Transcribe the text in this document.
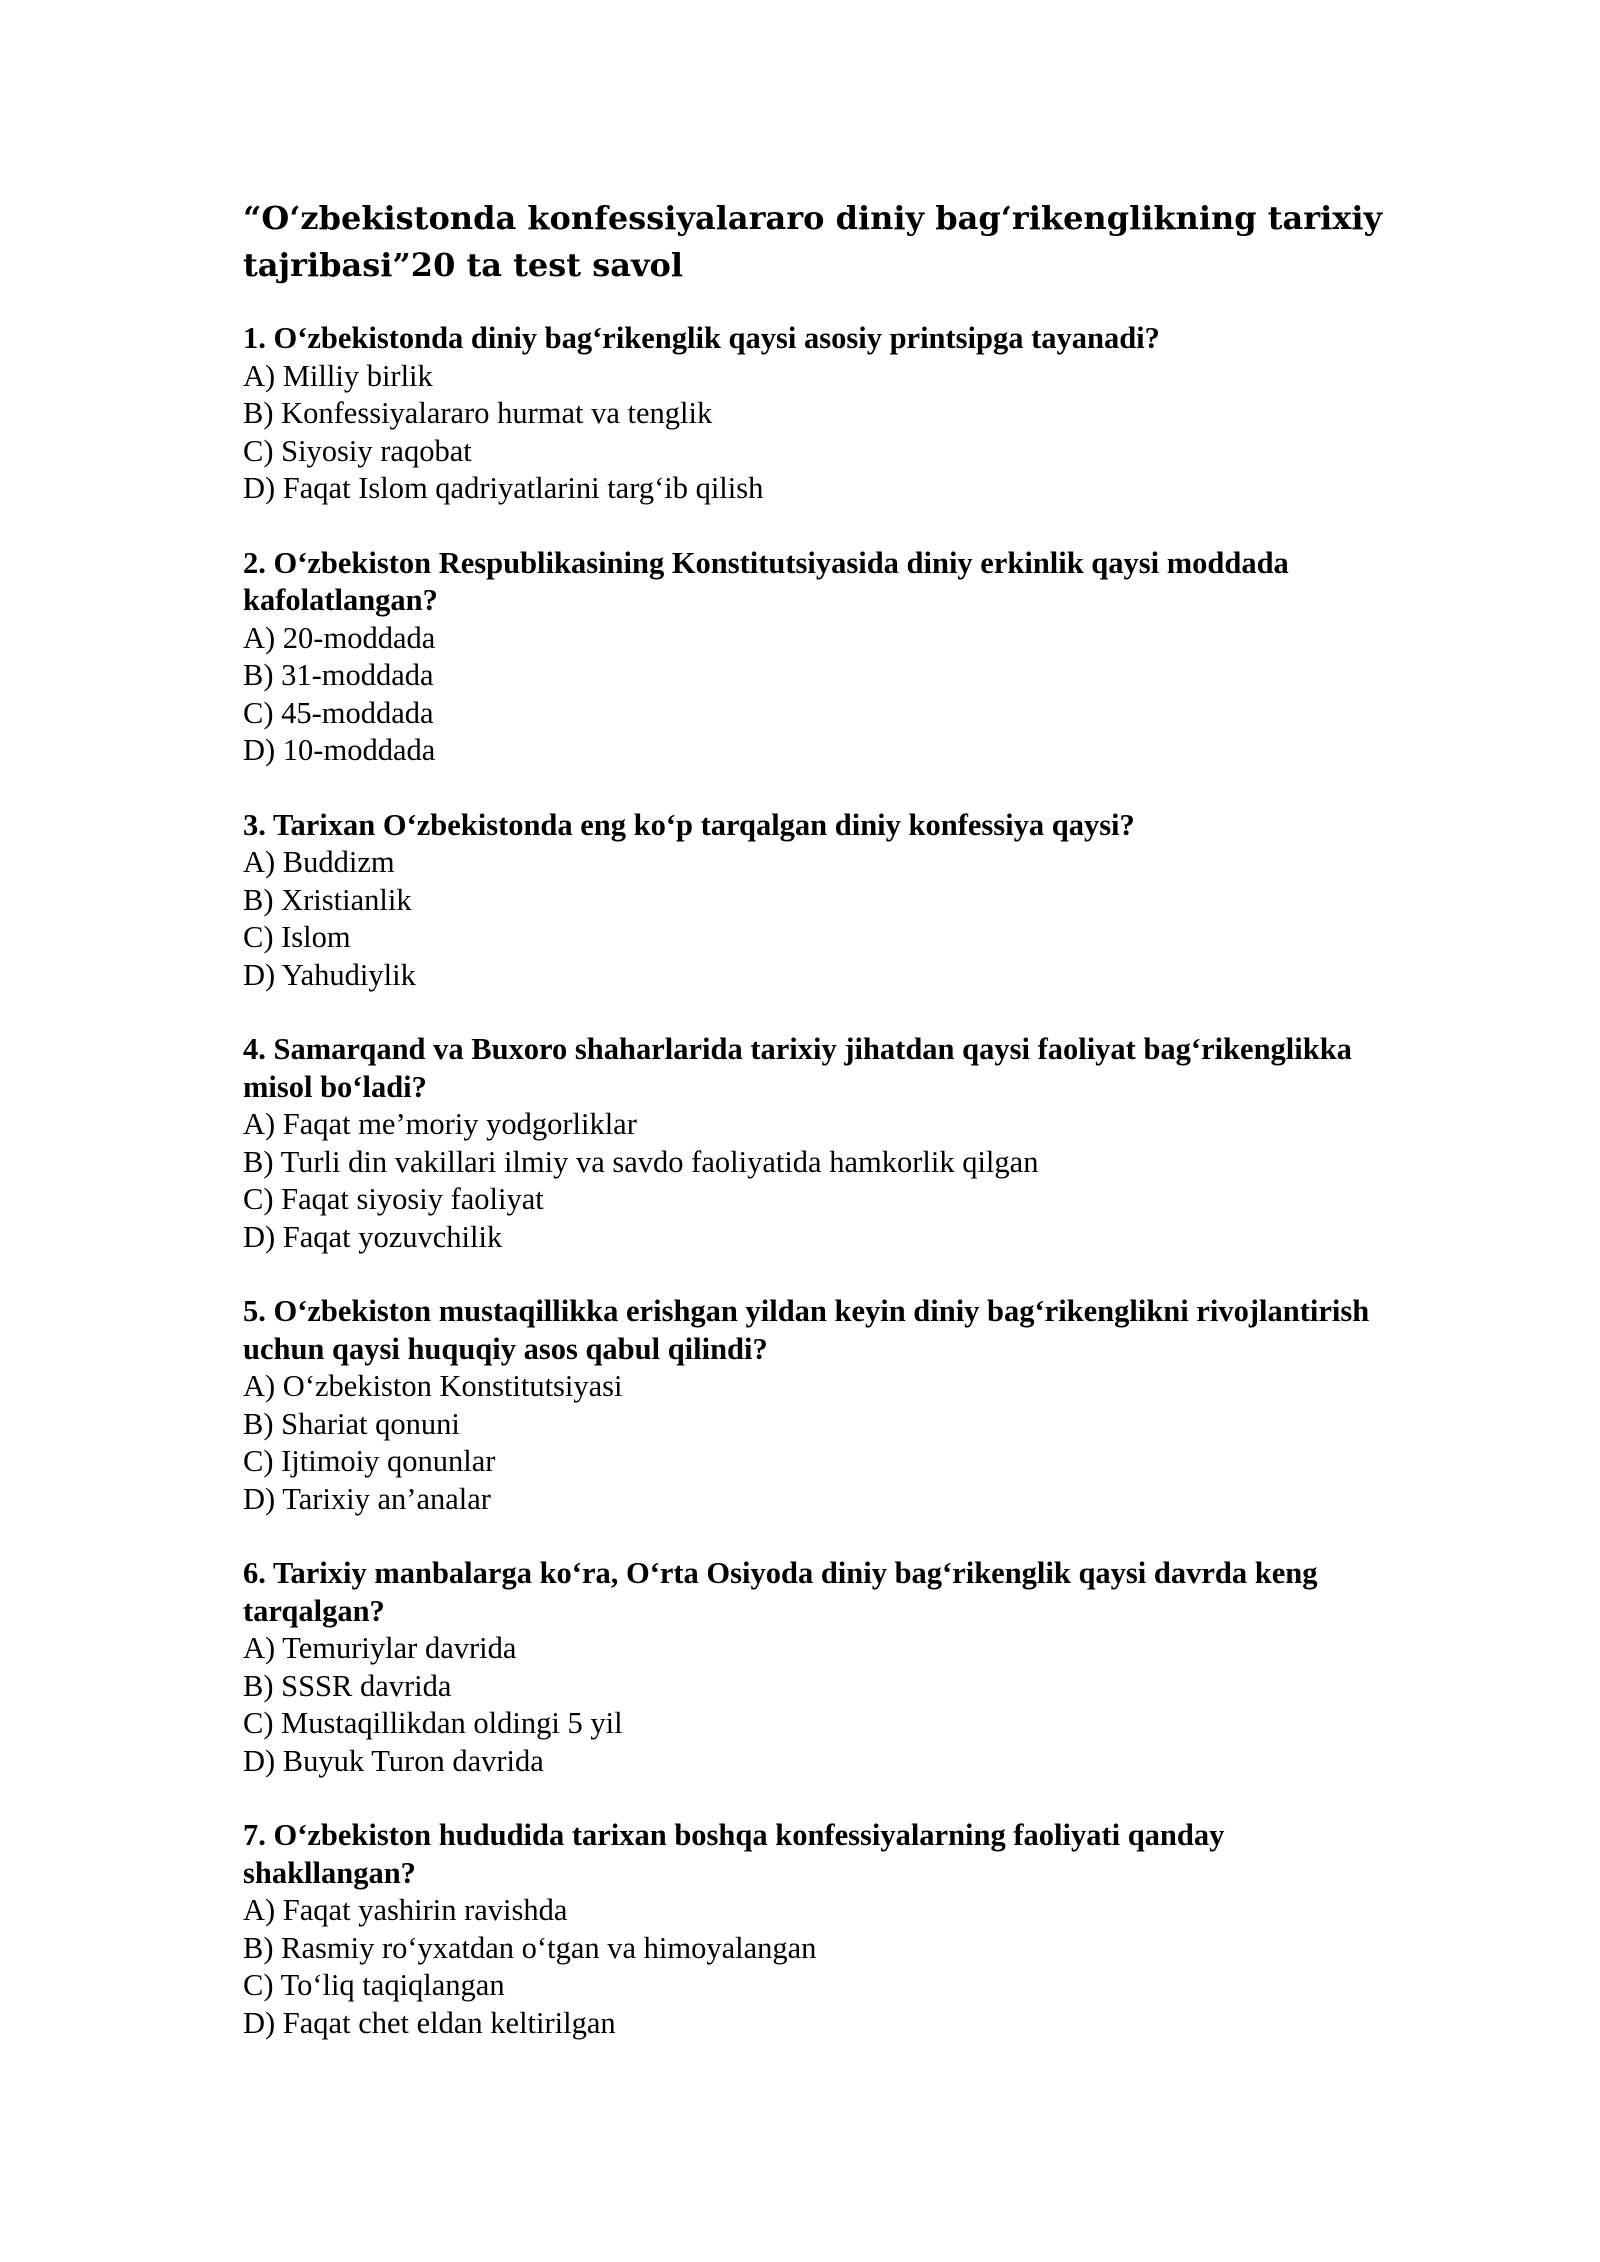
“O‘zbekistonda konfessiyalararo diniy bag‘rikenglikning tarixiy tajribasi”20 ta test savol

1. O‘zbekistonda diniy bag‘rikenglik qaysi asosiy printsipga tayanadi?

A) Milliy birlik

B) Konfessiyalararo hurmat va tenglik

C) Siyosiy raqobat

D) Faqat Islom qadriyatlarini targ‘ib qilish

2. O‘zbekiston Respublikasining Konstitutsiyasida diniy erkinlik qaysi moddada kafolatlangan?

A) 20-moddada

B) 31-moddada

C) 45-moddada

D) 10-moddada

3. Tarixan O‘zbekistonda eng ko‘p tarqalgan diniy konfessiya qaysi?

A) Buddizm

B) Xristianlik

C) Islom

D) Yahudiylik

4. Samarqand va Buxoro shaharlarida tarixiy jihatdan qaysi faoliyat bag‘rikenglikka misol bo‘ladi?

A) Faqat me’moriy yodgorliklar

B) Turli din vakillari ilmiy va savdo faoliyatida hamkorlik qilgan

C) Faqat siyosiy faoliyat

D) Faqat yozuvchilik

5. O‘zbekiston mustaqillikka erishgan yildan keyin diniy bag‘rikenglikni rivojlantirish uchun qaysi huquqiy asos qabul qilindi?

A) O‘zbekiston Konstitutsiyasi

B) Shariat qonuni

C) Ijtimoiy qonunlar

D) Tarixiy an’analar

6. Tarixiy manbalarga ko‘ra, O‘rta Osiyoda diniy bag‘rikenglik qaysi davrda keng tarqalgan?

A) Temuriylar davrida

B) SSSR davrida

C) Mustaqillikdan oldingi 5 yil

D) Buyuk Turon davrida

7. O‘zbekiston hududida tarixan boshqa konfessiyalarning faoliyati qanday shakllangan?

A) Faqat yashirin ravishda

B) Rasmiy ro‘yxatdan o‘tgan va himoyalangan

C) To‘liq taqiqlangan

D) Faqat chet eldan keltirilgan
